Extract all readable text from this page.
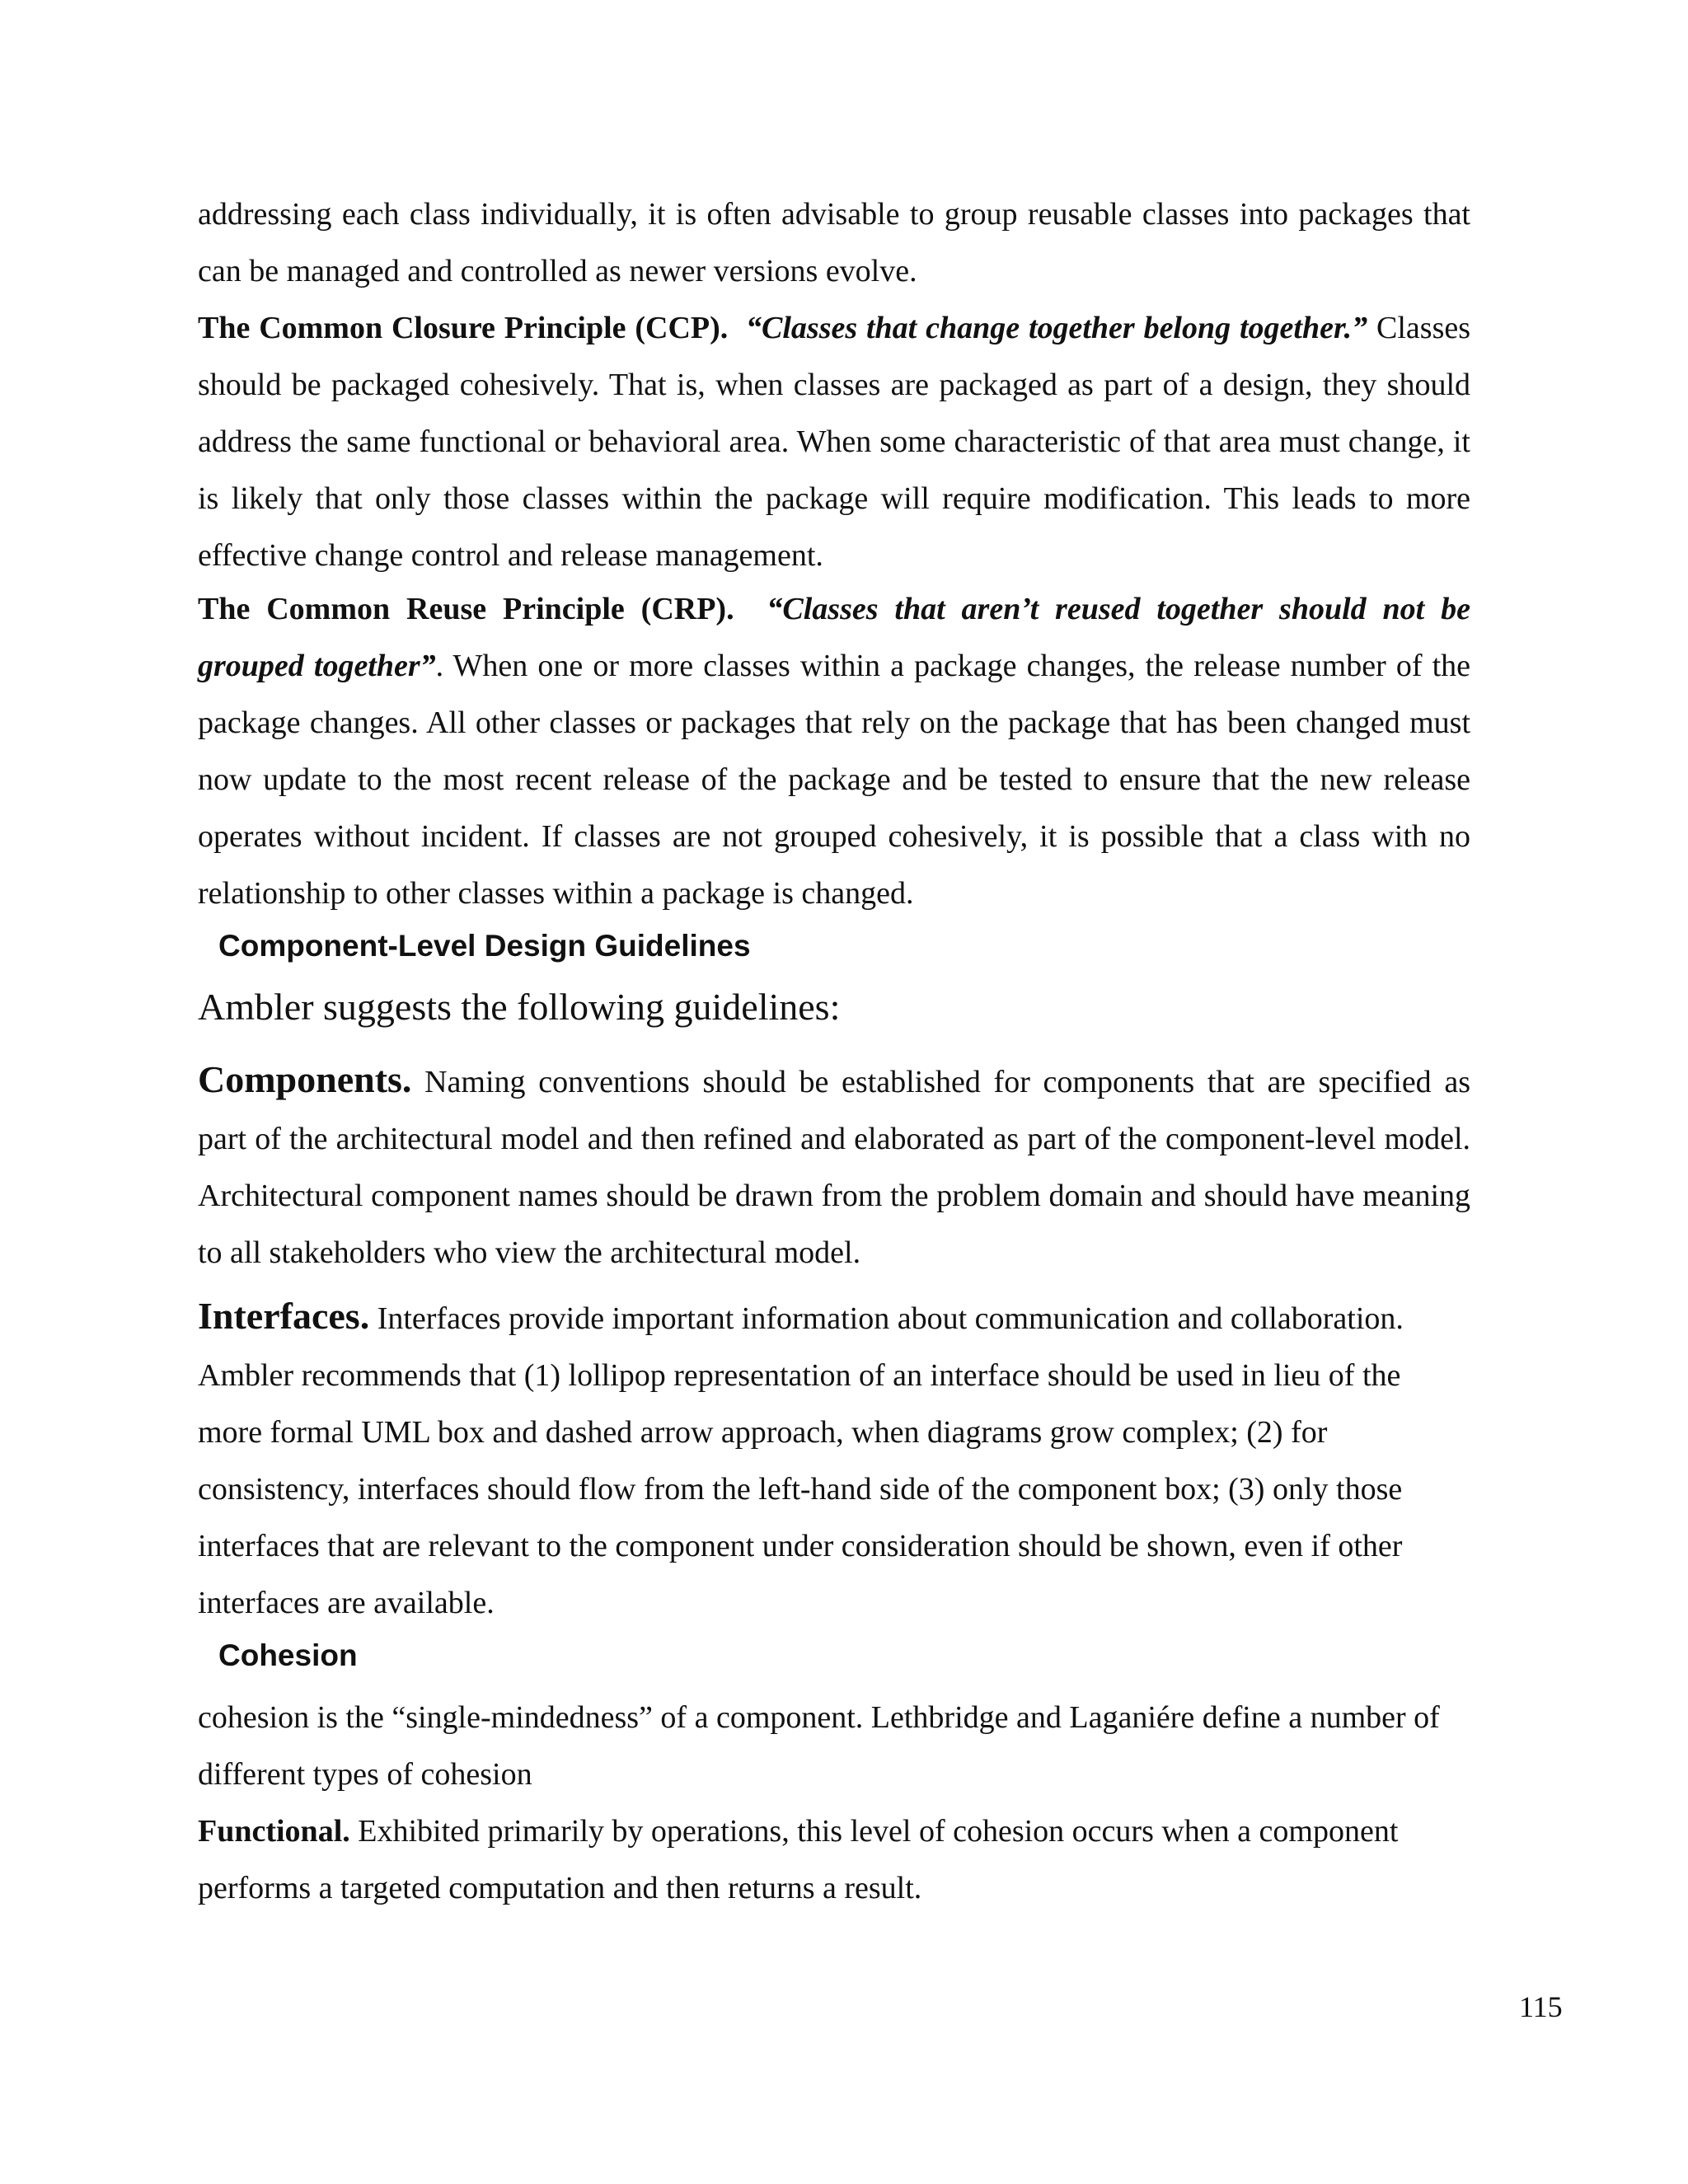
addressing each class individually, it is often advisable to group reusable classes into packages that can be managed and controlled as newer versions evolve.

The Common Closure Principle (CCP). “Classes that change together belong together.” Classes should be packaged cohesively. That is, when classes are packaged as part of a design, they should address the same functional or behavioral area. When some characteristic of that area must change, it is likely that only those classes within the package will require modification. This leads to more effective change control and release management.

The Common Reuse Principle (CRP). “Classes that aren’t reused together should not be grouped together”. When one or more classes within a package changes, the release number of the package changes. All other classes or packages that rely on the package that has been changed must now update to the most recent release of the package and be tested to ensure that the new release operates without incident. If classes are not grouped cohesively, it is possible that a class with no relationship to other classes within a package is changed.

Component-Level Design Guidelines

Ambler suggests the following guidelines:

Components. Naming conventions should be established for components that are specified as part of the architectural model and then refined and elaborated as part of the component-level model. Architectural component names should be drawn from the problem domain and should have meaning to all stakeholders who view the architectural model.

Interfaces. Interfaces provide important information about communication and collaboration. Ambler recommends that (1) lollipop representation of an interface should be used in lieu of the more formal UML box and dashed arrow approach, when diagrams grow complex; (2) for consistency, interfaces should flow from the left-hand side of the component box; (3) only those interfaces that are relevant to the component under consideration should be shown, even if other interfaces are available.

Cohesion

cohesion is the “single-mindedness” of a component. Lethbridge and Laganiére define a number of different types of cohesion

Functional. Exhibited primarily by operations, this level of cohesion occurs when a component performs a targeted computation and then returns a result.

115
